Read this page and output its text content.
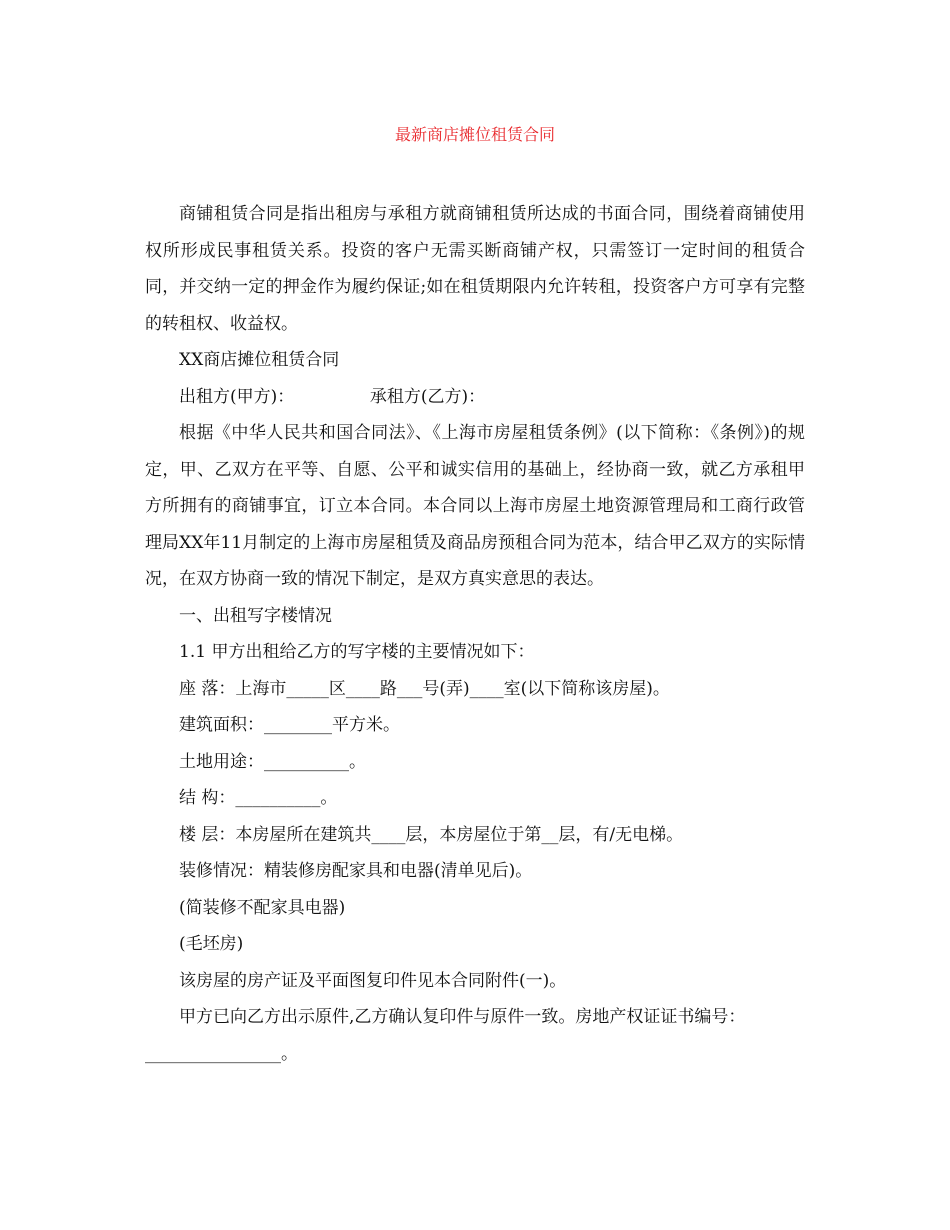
最新商店摊位租赁合同

商铺租赁合同是指出租房与承租方就商铺租赁所达成的书面合同，围绕着商铺使用权所形成民事租赁关系。投资的客户无需买断商铺产权，只需签订一定时间的租赁合同，并交纳一定的押金作为履约保证;如在租赁期限内允许转租，投资客户方可享有完整的转租权、收益权。

XX商店摊位租赁合同

出租方(甲方)：              承租方(乙方)：

根据《中华人民共和国合同法》、《上海市房屋租赁条例》(以下简称：《条例》)的规定，甲、乙双方在平等、自愿、公平和诚实信用的基础上，经协商一致，就乙方承租甲方所拥有的商铺事宜，订立本合同。本合同以上海市房屋土地资源管理局和工商行政管理局XX年11月制定的上海市房屋租赁及商品房预租合同为范本，结合甲乙双方的实际情况，在双方协商一致的情况下制定，是双方真实意思的表达。

一、出租写字楼情况

1.1 甲方出租给乙方的写字楼的主要情况如下：

座 落：上海市_____区____路___号(弄)____室(以下简称该房屋)。

建筑面积：________平方米。

土地用途：__________。

结 构：__________。

楼 层：本房屋所在建筑共____层，本房屋位于第__层，有/无电梯。

装修情况：精装修房配家具和电器(清单见后)。

(简装修不配家具电器)

(毛坯房)

该房屋的房产证及平面图复印件见本合同附件(一)。

甲方已向乙方出示原件,乙方确认复印件与原件一致。房地产权证证书编号：

________________。
